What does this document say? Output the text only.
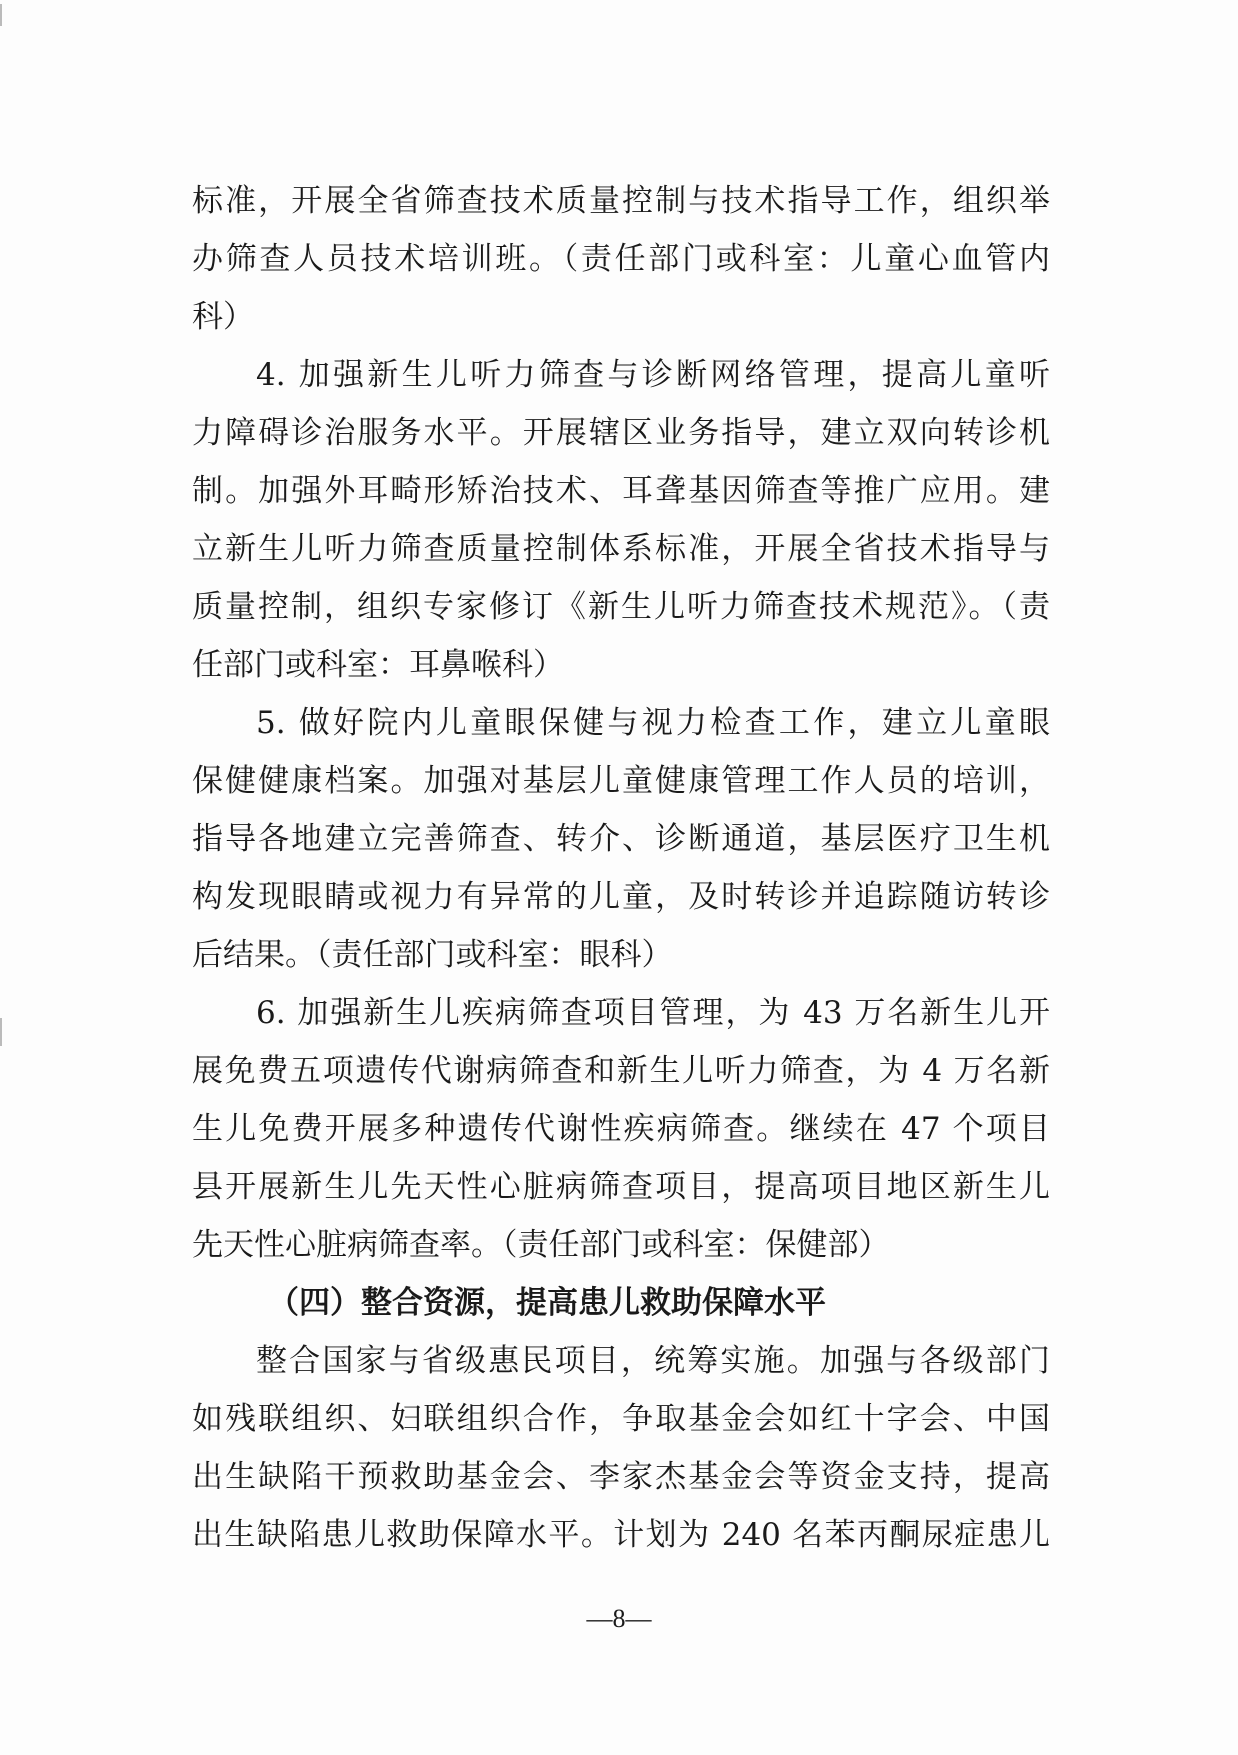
标准，开展全省筛查技术质量控制与技术指导工作，组织举
办筛查人员技术培训班。（责任部门或科室：儿童心血管内
科）
4. 加强新生儿听力筛查与诊断网络管理，提高儿童听
力障碍诊治服务水平。开展辖区业务指导，建立双向转诊机
制。加强外耳畸形矫治技术、耳聋基因筛查等推广应用。建
立新生儿听力筛查质量控制体系标准，开展全省技术指导与
质量控制，组织专家修订《新生儿听力筛查技术规范》。（责
任部门或科室：耳鼻喉科）
5. 做好院内儿童眼保健与视力检查工作，建立儿童眼
保健健康档案。加强对基层儿童健康管理工作人员的培训，
指导各地建立完善筛查、转介、诊断通道，基层医疗卫生机
构发现眼睛或视力有异常的儿童，及时转诊并追踪随访转诊
后结果。（责任部门或科室：眼科）
6. 加强新生儿疾病筛查项目管理，为 43 万名新生儿开
展免费五项遗传代谢病筛查和新生儿听力筛查，为 4 万名新
生儿免费开展多种遗传代谢性疾病筛查。继续在 47 个项目
县开展新生儿先天性心脏病筛查项目，提高项目地区新生儿
先天性心脏病筛查率。（责任部门或科室：保健部）
（四）整合资源，提高患儿救助保障水平
整合国家与省级惠民项目，统筹实施。加强与各级部门
如残联组织、妇联组织合作，争取基金会如红十字会、中国
出生缺陷干预救助基金会、李家杰基金会等资金支持，提高
出生缺陷患儿救助保障水平。计划为 240 名苯丙酮尿症患儿
—8—
